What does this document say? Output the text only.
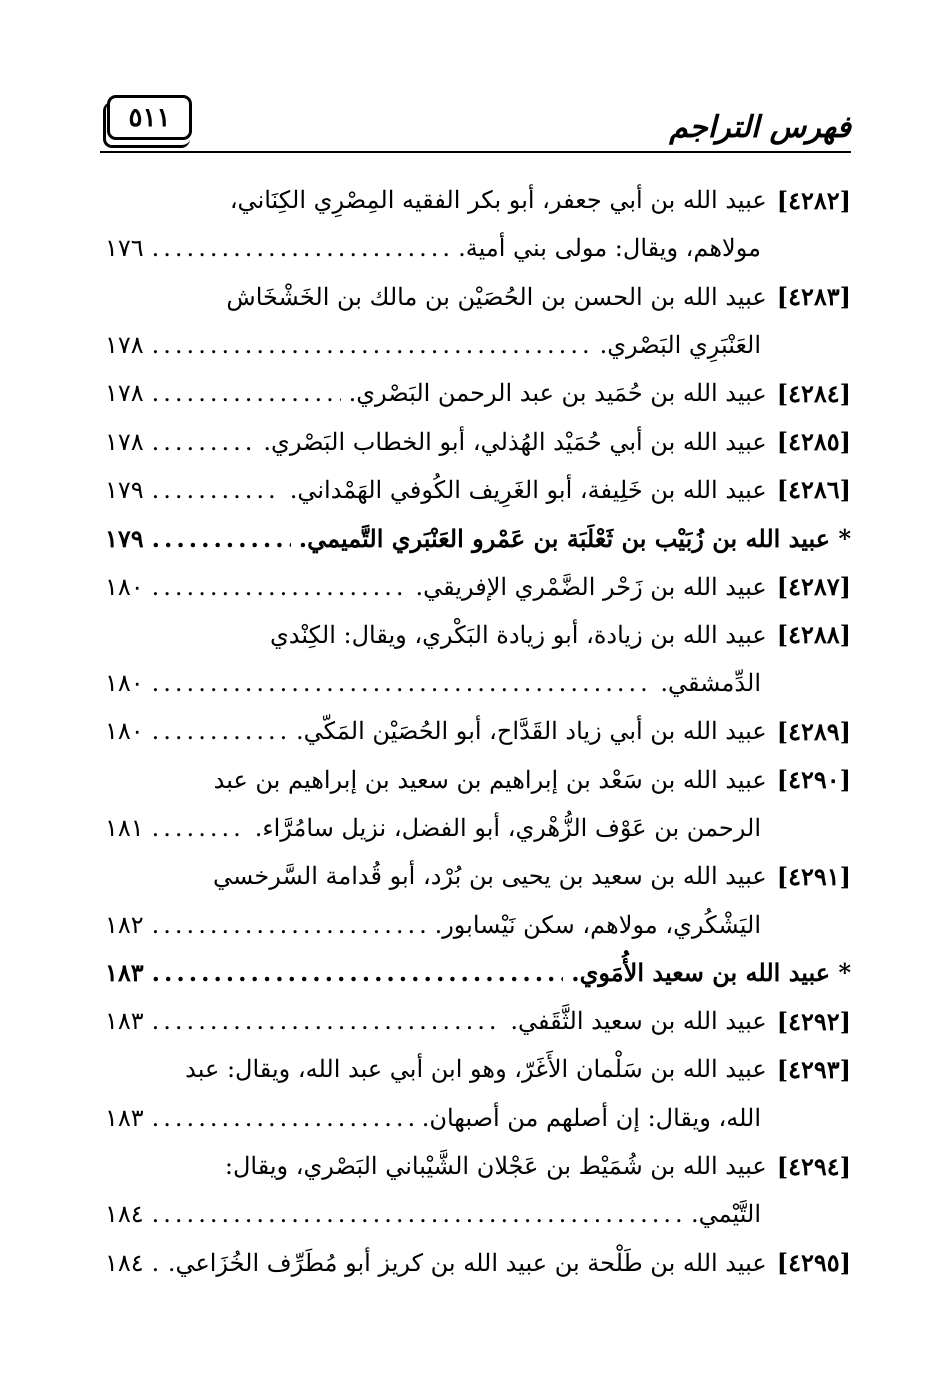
٥١١	فهرس التراجم
[٤٢٨٢]
عبيد الله بن أبي جعفر، أبو بكر الفقيه المِصْرِي الكِنَاني،
مولاهم، ويقال: مولى بني أمية.
.....
١٧٦
[٤٢٨٣]
عبيد الله بن الحسن بن الحُصَيْن بن مالك بن الخَشْخَاش
العَنْبَرِي البَصْري.
.....
١٧٨
[٤٢٨٤]
عبيد الله بن حُمَيد بن عبد الرحمن البَصْري.
.....
١٧٨
[٤٢٨٥]
عبيد الله بن أبي حُمَيْد الهُذلي، أبو الخطاب البَصْري.
.....
١٧٨
[٤٢٨٦]
عبيد الله بن خَلِيفة، أبو الغَرِيف الكُوفي الهَمْداني.
.....
١٧٩
* عبيد الله بن زُبَيْب بن ثَعْلَبَة بن عَمْرو العَنْبَري التَّميمي.
.....
١٧٩
[٤٢٨٧]
عبيد الله بن زَحْر الضَّمْري الإفريقي.
.....
١٨٠
[٤٢٨٨]
عبيد الله بن زيادة، أبو زيادة البَكْري، ويقال: الكِنْدي
الدِّمشقي.
.....
١٨٠
[٤٢٨٩]
عبيد الله بن أبي زياد القَدَّاح، أبو الحُصَيْن المَكّي.
.....
١٨٠
[٤٢٩٠]
عبيد الله بن سَعْد بن إبراهيم بن سعيد بن إبراهيم بن عبد
الرحمن بن عَوْف الزُّهْري، أبو الفضل، نزيل سامُرَّاء.
.....
١٨١
[٤٢٩١]
عبيد الله بن سعيد بن يحيى بن بُرْد، أبو قُدامة السَّرخسي
اليَشْكُري، مولاهم، سكن نَيْسابور.
.....
١٨٢
* عبيد الله بن سعيد الأُمَوي.
.....
١٨٣
[٤٢٩٢]
عبيد الله بن سعيد الثَّقَفي.
.....
١٨٣
[٤٢٩٣]
عبيد الله بن سَلْمان الأَغَرّ، وهو ابن أبي عبد الله، ويقال: عبد
الله، ويقال: إن أصلهم من أصبهان.
.....
١٨٣
[٤٢٩٤]
عبيد الله بن شُمَيْط بن عَجْلان الشَّيْباني البَصْري، ويقال:
التَّيْمي.
.....
١٨٤
[٤٢٩٥]
عبيد الله بن طَلْحة بن عبيد الله بن كريز أبو مُطَرِّف الخُزَاعي.
.....
١٨٤
